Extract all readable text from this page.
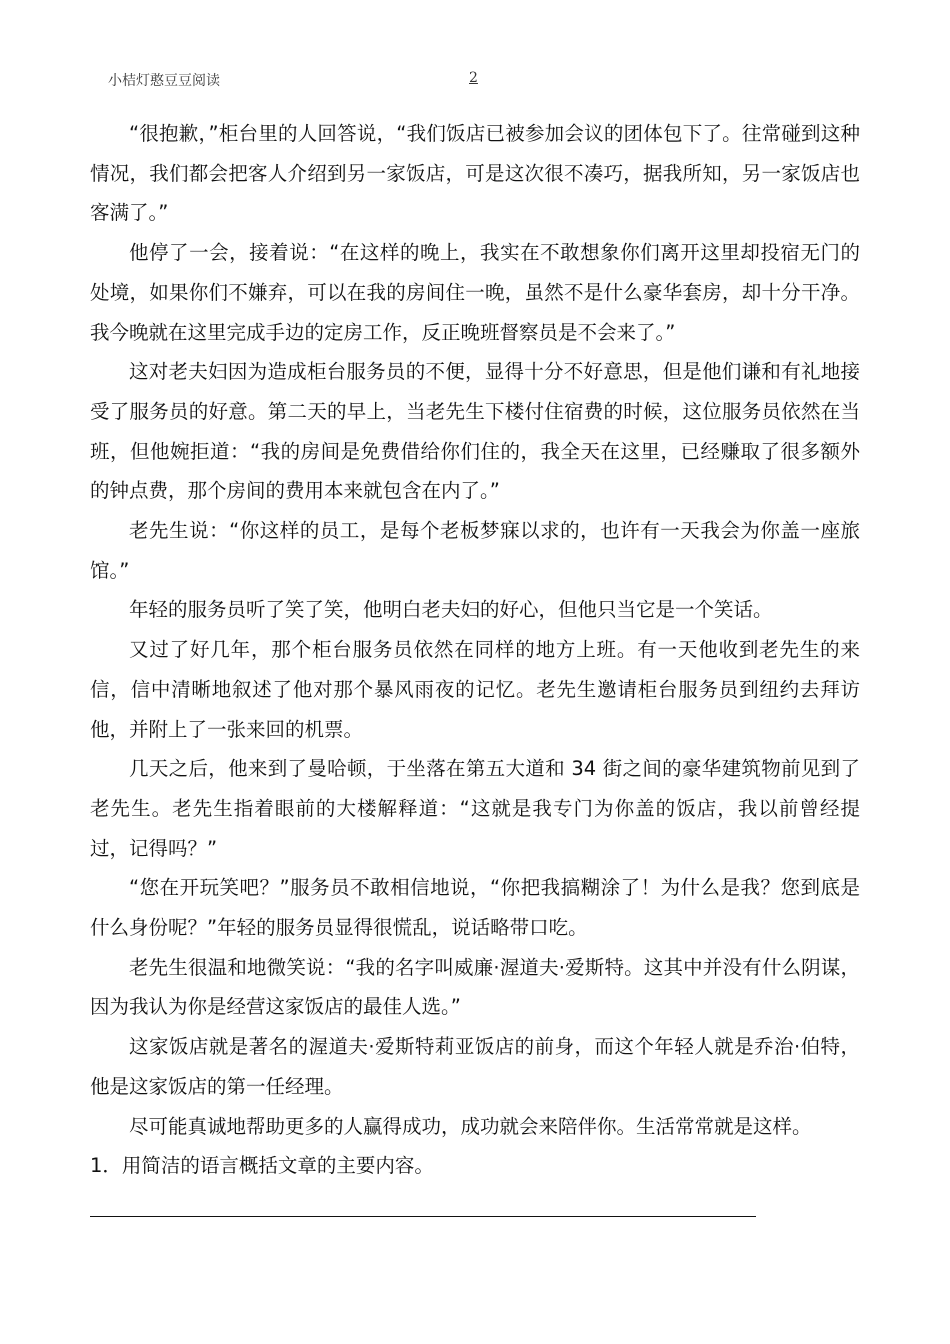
小桔灯憨豆豆阅读	2

“很抱歉，”柜台里的人回答说，“我们饭店已被参加会议的团体包下了。往常碰到这种情况，我们都会把客人介绍到另一家饭店，可是这次很不凑巧，据我所知，另一家饭店也客满了。”

他停了一会，接着说：“在这样的晚上，我实在不敢想象你们离开这里却投宿无门的处境，如果你们不嫌弃，可以在我的房间住一晚，虽然不是什么豪华套房，却十分干净。我今晚就在这里完成手边的定房工作，反正晚班督察员是不会来了。”

这对老夫妇因为造成柜台服务员的不便，显得十分不好意思，但是他们谦和有礼地接受了服务员的好意。第二天的早上，当老先生下楼付住宿费的时候，这位服务员依然在当班，但他婉拒道：“我的房间是免费借给你们住的，我全天在这里，已经赚取了很多额外的钟点费，那个房间的费用本来就包含在内了。”

老先生说：“你这样的员工，是每个老板梦寐以求的，也许有一天我会为你盖一座旅馆。”

年轻的服务员听了笑了笑，他明白老夫妇的好心，但他只当它是一个笑话。

又过了好几年，那个柜台服务员依然在同样的地方上班。有一天他收到老先生的来信，信中清晰地叙述了他对那个暴风雨夜的记忆。老先生邀请柜台服务员到纽约去拜访他，并附上了一张来回的机票。

几天之后，他来到了曼哈顿，于坐落在第五大道和 34 街之间的豪华建筑物前见到了老先生。老先生指着眼前的大楼解释道：“这就是我专门为你盖的饭店，我以前曾经提过，记得吗？”

“您在开玩笑吧？”服务员不敢相信地说，“你把我搞糊涂了！为什么是我？您到底是什么身份呢？”年轻的服务员显得很慌乱，说话略带口吃。

老先生很温和地微笑说：“我的名字叫威廉·渥道夫·爱斯特。这其中并没有什么阴谋，因为我认为你是经营这家饭店的最佳人选。”

这家饭店就是著名的渥道夫·爱斯特莉亚饭店的前身，而这个年轻人就是乔治·伯特，他是这家饭店的第一任经理。

尽可能真诚地帮助更多的人赢得成功，成功就会来陪伴你。生活常常就是这样。

1．用简洁的语言概括文章的主要内容。
